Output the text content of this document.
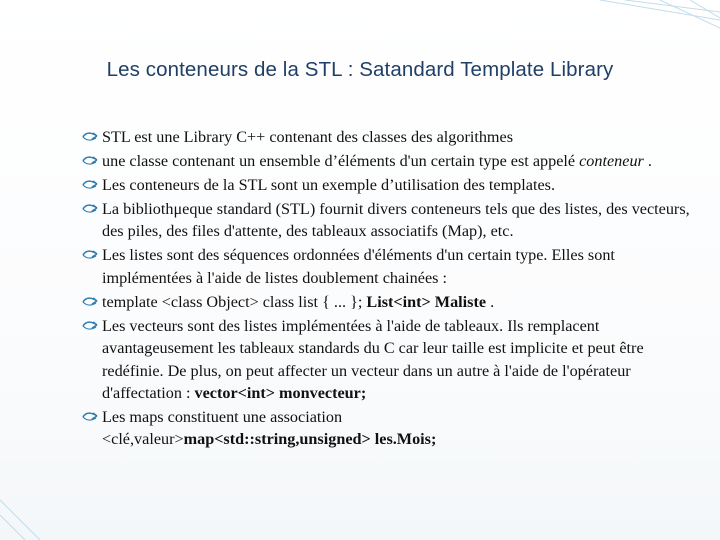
Les conteneurs de la STL : Satandard Template Library
STL est une Library C++ contenant des classes des algorithmes
une classe contenant un ensemble d’éléments d'un certain type est appelé conteneur .
Les conteneurs de la STL sont un exemple d’utilisation des templates.
La bibliothμeque standard (STL) fournit divers conteneurs tels que des listes, des vecteurs, des piles, des files d'attente, des tableaux associatifs (Map), etc.
Les listes sont des séquences ordonnées d'éléments d'un certain type. Elles sont implémentées à l'aide de listes doublement chainées :
template <class Object> class list { ... }; List<int> Maliste .
Les vecteurs sont des listes implémentées à l'aide de tableaux. Ils remplacent avantageusement les tableaux standards du C car leur taille est implicite et peut être redéfinie. De plus, on peut affecter un vecteur dans un autre à l'aide de l'opérateur d'affectation : vector<int> monvecteur;
Les maps constituent une association
<clé,valeur>map<std::string,unsigned> les.Mois;
